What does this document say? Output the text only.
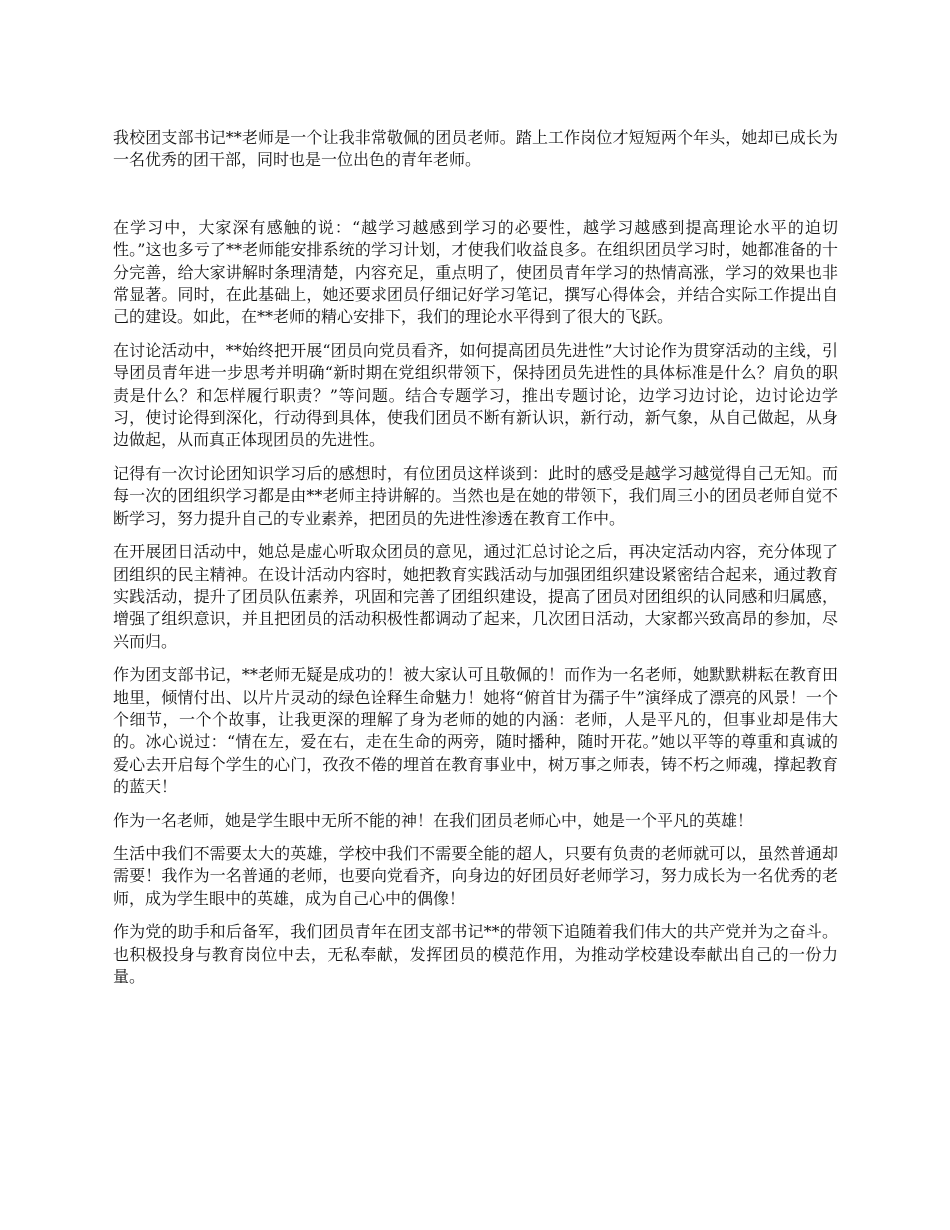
我校团支部书记**老师是一个让我非常敬佩的团员老师。踏上工作岗位才短短两个年头，她却已成长为一名优秀的团干部，同时也是一位出色的青年老师。

在学习中，大家深有感触的说：“越学习越感到学习的必要性，越学习越感到提高理论水平的迫切性。”这也多亏了**老师能安排系统的学习计划，才使我们收益良多。在组织团员学习时，她都准备的十分完善，给大家讲解时条理清楚，内容充足，重点明了，使团员青年学习的热情高涨，学习的效果也非常显著。同时，在此基础上，她还要求团员仔细记好学习笔记，撰写心得体会，并结合实际工作提出自己的建设。如此，在**老师的精心安排下，我们的理论水平得到了很大的飞跃。

在讨论活动中，**始终把开展“团员向党员看齐，如何提高团员先进性”大讨论作为贯穿活动的主线，引导团员青年进一步思考并明确“新时期在党组织带领下，保持团员先进性的具体标准是什么？肩负的职责是什么？和怎样履行职责？”等问题。结合专题学习，推出专题讨论，边学习边讨论，边讨论边学习，使讨论得到深化，行动得到具体，使我们团员不断有新认识，新行动，新气象，从自己做起，从身边做起，从而真正体现团员的先进性。

记得有一次讨论团知识学习后的感想时，有位团员这样谈到：此时的感受是越学习越觉得自己无知。而每一次的团组织学习都是由**老师主持讲解的。当然也是在她的带领下，我们周三小的团员老师自觉不断学习，努力提升自己的专业素养，把团员的先进性渗透在教育工作中。

在开展团日活动中，她总是虚心听取众团员的意见，通过汇总讨论之后，再决定活动内容，充分体现了团组织的民主精神。在设计活动内容时，她把教育实践活动与加强团组织建设紧密结合起来，通过教育实践活动，提升了团员队伍素养，巩固和完善了团组织建设，提高了团员对团组织的认同感和归属感，增强了组织意识，并且把团员的活动积极性都调动了起来，几次团日活动，大家都兴致高昂的参加，尽兴而归。

作为团支部书记，**老师无疑是成功的！被大家认可且敬佩的！而作为一名老师，她默默耕耘在教育田地里，倾情付出、以片片灵动的绿色诠释生命魅力！她将“俯首甘为孺子牛”演绎成了漂亮的风景！一个个细节，一个个故事，让我更深的理解了身为老师的她的内涵：老师，人是平凡的，但事业却是伟大的。冰心说过：“情在左，爱在右，走在生命的两旁，随时播种，随时开花。”她以平等的尊重和真诚的爱心去开启每个学生的心门，孜孜不倦的埋首在教育事业中，树万事之师表，铸不朽之师魂，撑起教育的蓝天！

作为一名老师，她是学生眼中无所不能的神！在我们团员老师心中，她是一个平凡的英雄！

生活中我们不需要太大的英雄，学校中我们不需要全能的超人，只要有负责的老师就可以，虽然普通却需要！我作为一名普通的老师，也要向党看齐，向身边的好团员好老师学习，努力成长为一名优秀的老师，成为学生眼中的英雄，成为自己心中的偶像！

作为党的助手和后备军，我们团员青年在团支部书记**的带领下追随着我们伟大的共产党并为之奋斗。也积极投身与教育岗位中去，无私奉献，发挥团员的模范作用，为推动学校建设奉献出自己的一份力量。
